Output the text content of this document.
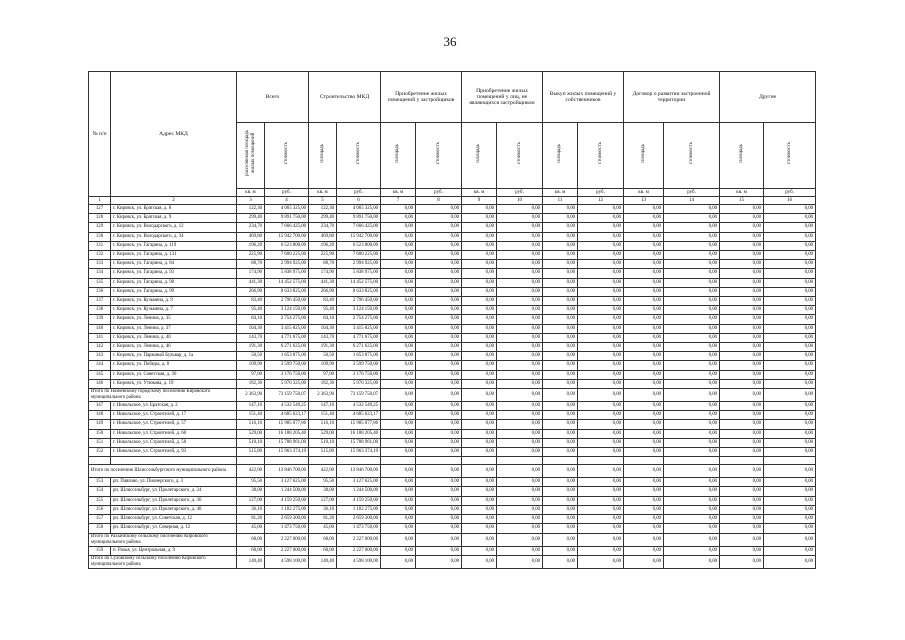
36
№ п/п	Адрес МКД	Всего		Строительство МКД		Приобретение жилых помещений у застройщиков		Приобретение жилых помещений у лиц, не являющихся застройщиком		Выкуп жилых помещений у собственников		Договор о развитии застроенной территории		Другие	
		расселяемая площадь жилых помещений	стоимость	площадь	стоимость	площадь	стоимость	площадь	стоимость	площадь	стоимость	площадь	стоимость	площадь	стоимость
		кв. м	руб.	кв. м	руб.	кв. м	руб.	кв. м	руб.	кв. м	руб.	кв. м	руб.	кв. м	руб.
1	2	3	4	5	6	7	8	9	10	11	12	13	14	15	16
127	г. Кировск, ул. Братская, д. 8	122,30	4 065 325,00	122,30	4 065 325,00	0,00	0,00	0,00	0,00	0,00	0,00	0,00	0,00	0,00	0,00
128	г. Кировск, ул. Братская, д. 9	299,40	9 891 750,00	299,40	9 891 750,00	0,00	0,00	0,00	0,00	0,00	0,00	0,00	0,00	0,00	0,00
129	г. Кировск, ул. Володарского, д. 12	234,70	7 666 425,00	234,70	7 666 425,00	0,00	0,00	0,00	0,00	0,00	0,00	0,00	0,00	0,00	0,00
130	г. Кировск, ул. Володарского, д. 34	469,80	15 942 700,00	469,80	15 942 700,00	0,00	0,00	0,00	0,00	0,00	0,00	0,00	0,00	0,00	0,00
131	г. Кировск, ул. Гагарина, д. 119	196,20	6 523 800,00	196,20	6 523 800,00	0,00	0,00	0,00	0,00	0,00	0,00	0,00	0,00	0,00	0,00
132	г. Кировск, ул. Гагарина, д. 131	225,90	7 600 225,00	225,90	7 600 225,00	0,00	0,00	0,00	0,00	0,00	0,00	0,00	0,00	0,00	0,00
133	г. Кировск, ул. Гагарина, д. 84	88,70	2 994 925,00	88,70	2 994 925,00	0,00	0,00	0,00	0,00	0,00	0,00	0,00	0,00	0,00	0,00
134	г. Кировск, ул. Гагарина, д. 93	174,90	5 838 975,00	174,90	5 838 975,00	0,00	0,00	0,00	0,00	0,00	0,00	0,00	0,00	0,00	0,00
135	г. Кировск, ул. Гагарина, д. 98	441,30	14 452 575,00	441,30	14 452 575,00	0,00	0,00	0,00	0,00	0,00	0,00	0,00	0,00	0,00	0,00
136	г. Кировск, ул. Гагарина, д. 99	266,90	8 633 825,00	266,90	8 633 825,00	0,00	0,00	0,00	0,00	0,00	0,00	0,00	0,00	0,00	0,00
137	г. Кировск, ул. Кузьмина, д. 9	83,40	2 796 450,00	83,40	2 796 450,00	0,00	0,00	0,00	0,00	0,00	0,00	0,00	0,00	0,00	0,00
138	г. Кировск, ул. Кузьмина, д. 7	95,40	3 124 150,00	95,40	3 124 150,00	0,00	0,00	0,00	0,00	0,00	0,00	0,00	0,00	0,00	0,00
139	г. Кировск, ул. Ленина, д. 35	84,10	2 754 275,00	84,10	2 754 275,00	0,00	0,00	0,00	0,00	0,00	0,00	0,00	0,00	0,00	0,00
140	г. Кировск, ул. Ленина, д. 37	104,30	3 415 825,00	104,30	3 415 825,00	0,00	0,00	0,00	0,00	0,00	0,00	0,00	0,00	0,00	0,00
141	г. Кировск, ул. Ленина, д. 40	143,70	4 771 675,00	143,70	4 771 675,00	0,00	0,00	0,00	0,00	0,00	0,00	0,00	0,00	0,00	0,00
142	г. Кировск, ул. Ленина, д. 46	191,30	6 271 625,00	191,30	6 271 625,00	0,00	0,00	0,00	0,00	0,00	0,00	0,00	0,00	0,00	0,00
143	г. Кировск, ул. Парковый Бульвар, д. 1а	50,50	1 653 875,00	50,50	1 653 875,00	0,00	0,00	0,00	0,00	0,00	0,00	0,00	0,00	0,00	0,00
144	г. Кировск, ул. Победы, д. 8	109,90	3 599 750,00	109,90	3 599 750,00	0,00	0,00	0,00	0,00	0,00	0,00	0,00	0,00	0,00	0,00
145	г. Кировск, ул. Советская, д. 30	97,00	3 176 750,00	97,00	3 176 750,00	0,00	0,00	0,00	0,00	0,00	0,00	0,00	0,00	0,00	0,00
146	г. Кировск, ул. Утюкова, д. 19	182,30	5 970 325,00	182,30	5 970 325,00	0,00	0,00	0,00	0,00	0,00	0,00	0,00	0,00	0,00	0,00
Итого по Назиевскому городскому поселению Кировского муниципального района		2 363,90	73 159 750,07	2 363,90	73 159 750,07	0,00	0,00	0,00	0,00	0,00	0,00	0,00	0,00	0,00	0,00
147	г. Никольское, ул. Братская, д. 2	147,10	4 532 549,25	147,10	4 532 549,25	0,00	0,00	0,00	0,00	0,00	0,00	0,00	0,00	0,00	0,00
148	г. Никольское, ул. Строителей, д. 17	151,40	4 685 623,17	151,40	4 685 623,17	0,00	0,00	0,00	0,00	0,00	0,00	0,00	0,00	0,00	0,00
149	г. Никольское, ул. Строителей, д. 57	516,10	15 985 077,86	516,10	15 985 077,86	0,00	0,00	0,00	0,00	0,00	0,00	0,00	0,00	0,00	0,00
150	г. Никольское, ул. Строителей, д. 68	529,00	16 188 205,40	529,00	16 188 205,40	0,00	0,00	0,00	0,00	0,00	0,00	0,00	0,00	0,00	0,00
151	г. Никольское, ул. Строителей, д. 58	510,10	15 788 961,00	510,10	15 788 961,00	0,00	0,00	0,00	0,00	0,00	0,00	0,00	0,00	0,00	0,00
152	г. Никольское, ул. Строителей, д. 93	515,80	15 963 374,19	515,80	15 963 374,19	0,00	0,00	0,00	0,00	0,00	0,00	0,00	0,00	0,00	0,00

Итого по поселению Шлиссельбургского муниципального района		422,00	13 846 700,00	422,00	13 846 700,00	0,00	0,00	0,00	0,00	0,00	0,00	0,00	0,00	0,00	0,00
153	рп. Павлово, ул. Пионерского, д. 3	95,50	3 127 625,00	95,50	3 127 625,00	0,00	0,00	0,00	0,00	0,00	0,00	0,00	0,00	0,00	0,00
154	рп. Шлиссельбург, ул. Пролетарского, д. 24	38,00	1 244 500,00	38,00	1 244 500,00	0,00	0,00	0,00	0,00	0,00	0,00	0,00	0,00	0,00	0,00
155	рп. Шлиссельбург, ул. Пролетарского, д. 36	127,00	4 159 250,00	127,00	4 159 250,00	0,00	0,00	0,00	0,00	0,00	0,00	0,00	0,00	0,00	0,00
156	рп. Шлиссельбург, ул. Пролетарского, д. 40	36,10	1 182 275,00	36,10	1 182 275,00	0,00	0,00	0,00	0,00	0,00	0,00	0,00	0,00	0,00	0,00
157	рп. Шлиссельбург, ул. Советская, д. 12	81,20	2 659 300,00	81,20	2 659 300,00	0,00	0,00	0,00	0,00	0,00	0,00	0,00	0,00	0,00	0,00
158	рп. Шлиссельбург, ул. Северная, д. 12	45,00	1 473 750,00	45,00	1 473 750,00	0,00	0,00	0,00	0,00	0,00	0,00	0,00	0,00	0,00	0,00
Итого по Рахьинскому сельскому поселению Кировского муниципального района		68,00	2 227 000,00	68,00	2 227 000,00	0,00	0,00	0,00	0,00	0,00	0,00	0,00	0,00	0,00	0,00
159	п. Рахья, ул. Центральная, д. 9	68,00	2 227 000,00	68,00	2 227 000,00	0,00	0,00	0,00	0,00	0,00	0,00	0,00	0,00	0,00	0,00
Итого по Суховскому сельскому поселению Кировского муниципального района		140,40	4 598 100,00	140,40	4 598 100,00	0,00	0,00	0,00	0,00	0,00	0,00	0,00	0,00	0,00	0,00
